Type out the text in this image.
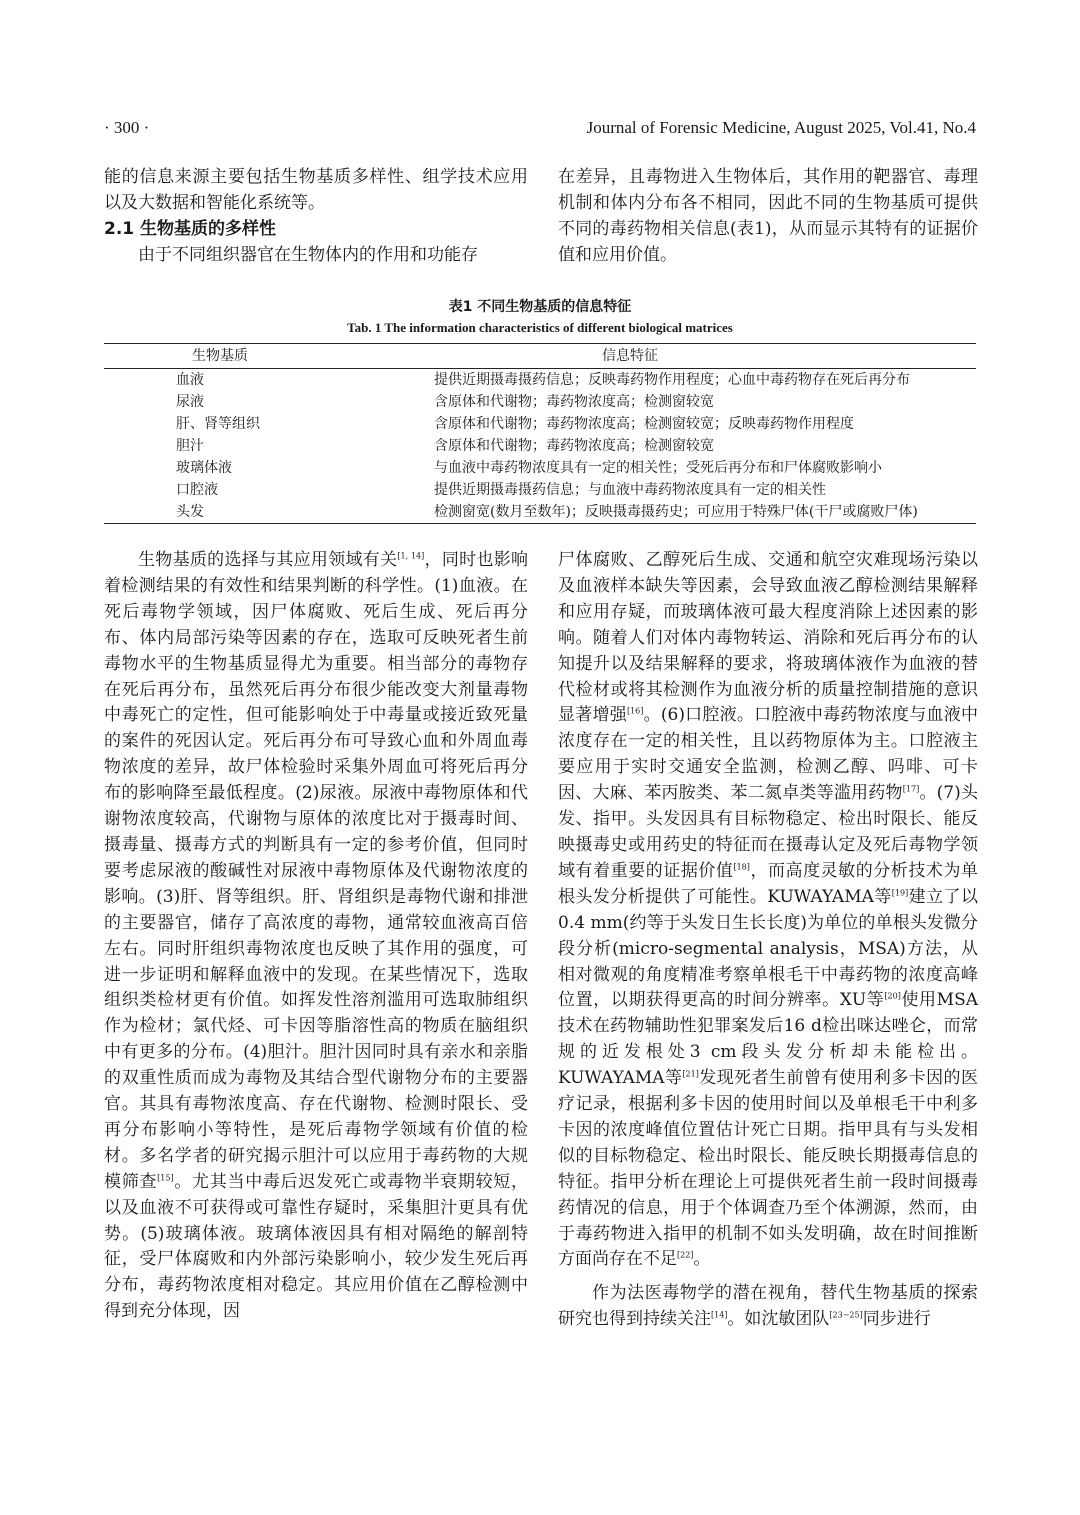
· 300 ·	Journal of Forensic Medicine, August 2025, Vol.41, No.4

能的信息来源主要包括生物基质多样性、组学技术应用以及大数据和智能化系统等。

2.1 生物基质的多样性

由于不同组织器官在生物体内的作用和功能存

在差异，且毒物进入生物体后，其作用的靶器官、毒理机制和体内分布各不相同，因此不同的生物基质可提供不同的毒药物相关信息(表1)，从而显示其特有的证据价值和应用价值。

表1 不同生物基质的信息特征
Tab. 1 The information characteristics of different biological matrices
生物基质	信息特征
血液	提供近期摄毒摄药信息；反映毒药物作用程度；心血中毒药物存在死后再分布
尿液	含原体和代谢物；毒药物浓度高；检测窗较宽
肝、肾等组织	含原体和代谢物；毒药物浓度高；检测窗较宽；反映毒药物作用程度
胆汁	含原体和代谢物；毒药物浓度高；检测窗较宽
玻璃体液	与血液中毒药物浓度具有一定的相关性；受死后再分布和尸体腐败影响小
口腔液	提供近期摄毒摄药信息；与血液中毒药物浓度具有一定的相关性
头发	检测窗宽(数月至数年)；反映摄毒摄药史；可应用于特殊尸体(干尸或腐败尸体)

生物基质的选择与其应用领域有关[1, 14]，同时也影响着检测结果的有效性和结果判断的科学性。(1)血液。在死后毒物学领域，因尸体腐败、死后生成、死后再分布、体内局部污染等因素的存在，选取可反映死者生前毒物水平的生物基质显得尤为重要。相当部分的毒物存在死后再分布，虽然死后再分布很少能改变大剂量毒物中毒死亡的定性，但可能影响处于中毒量或接近致死量的案件的死因认定。死后再分布可导致心血和外周血毒物浓度的差异，故尸体检验时采集外周血可将死后再分布的影响降至最低程度。(2)尿液。尿液中毒物原体和代谢物浓度较高，代谢物与原体的浓度比对于摄毒时间、摄毒量、摄毒方式的判断具有一定的参考价值，但同时要考虑尿液的酸碱性对尿液中毒物原体及代谢物浓度的影响。(3)肝、肾等组织。肝、肾组织是毒物代谢和排泄的主要器官，储存了高浓度的毒物，通常较血液高百倍左右。同时肝组织毒物浓度也反映了其作用的强度，可进一步证明和解释血液中的发现。在某些情况下，选取组织类检材更有价值。如挥发性溶剂滥用可选取肺组织作为检材；氯代烃、可卡因等脂溶性高的物质在脑组织中有更多的分布。(4)胆汁。胆汁因同时具有亲水和亲脂的双重性质而成为毒物及其结合型代谢物分布的主要器官。其具有毒物浓度高、存在代谢物、检测时限长、受再分布影响小等特性，是死后毒物学领域有价值的检材。多名学者的研究揭示胆汁可以应用于毒药物的大规模筛查[15]。尤其当中毒后迟发死亡或毒物半衰期较短，以及血液不可获得或可靠性存疑时，采集胆汁更具有优势。(5)玻璃体液。玻璃体液因具有相对隔绝的解剖特征，受尸体腐败和内外部污染影响小，较少发生死后再分布，毒药物浓度相对稳定。其应用价值在乙醇检测中得到充分体现，因

尸体腐败、乙醇死后生成、交通和航空灾难现场污染以及血液样本缺失等因素，会导致血液乙醇检测结果解释和应用存疑，而玻璃体液可最大程度消除上述因素的影响。随着人们对体内毒物转运、消除和死后再分布的认知提升以及结果解释的要求，将玻璃体液作为血液的替代检材或将其检测作为血液分析的质量控制措施的意识显著增强[16]。(6)口腔液。口腔液中毒药物浓度与血液中浓度存在一定的相关性，且以药物原体为主。口腔液主要应用于实时交通安全监测，检测乙醇、吗啡、可卡因、大麻、苯丙胺类、苯二氮卓类等滥用药物[17]。(7)头发、指甲。头发因具有目标物稳定、检出时限长、能反映摄毒史或用药史的特征而在摄毒认定及死后毒物学领域有着重要的证据价值[18]，而高度灵敏的分析技术为单根头发分析提供了可能性。KUWAYAMA等[19]建立了以0.4 mm(约等于头发日生长长度)为单位的单根头发微分段分析(micro-segmental analysis，MSA)方法，从相对微观的角度精准考察单根毛干中毒药物的浓度高峰位置，以期获得更高的时间分辨率。XU等[20]使用MSA技术在药物辅助性犯罪案发后16 d检出咪达唑仑，而常规的近发根处3 cm段头发分析却未能检出。KUWAYAMA等[21]发现死者生前曾有使用利多卡因的医疗记录，根据利多卡因的使用时间以及单根毛干中利多卡因的浓度峰值位置估计死亡日期。指甲具有与头发相似的目标物稳定、检出时限长、能反映长期摄毒信息的特征。指甲分析在理论上可提供死者生前一段时间摄毒药情况的信息，用于个体调查乃至个体溯源，然而，由于毒药物进入指甲的机制不如头发明确，故在时间推断方面尚存在不足[22]。

作为法医毒物学的潜在视角，替代生物基质的探索研究也得到持续关注[14]。如沈敏团队[23−25]同步进行
